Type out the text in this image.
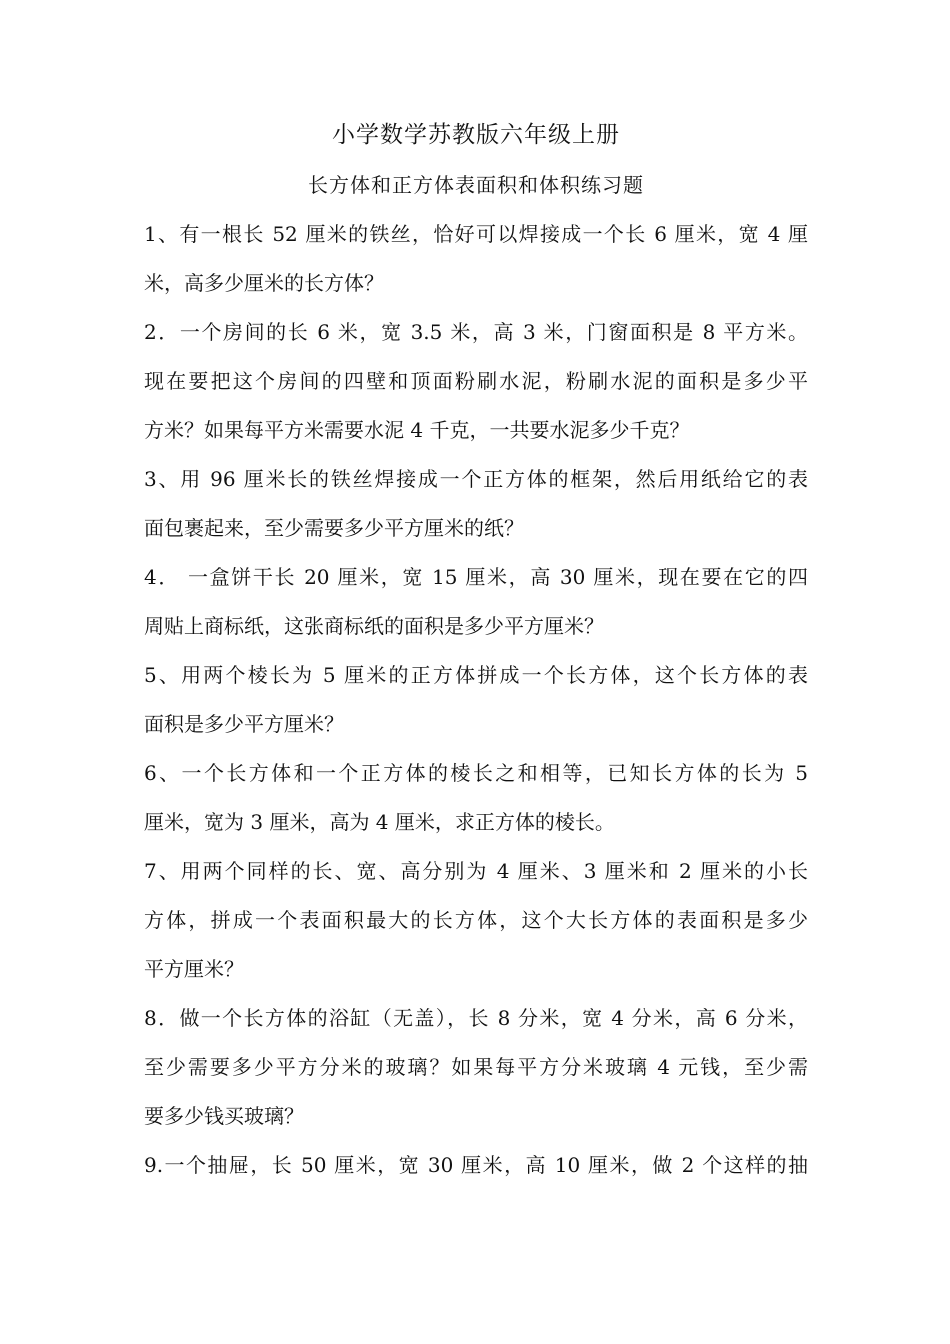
小学数学苏教版六年级上册
长方体和正方体表面积和体积练习题
1、有一根长 52 厘米的铁丝，恰好可以焊接成一个长 6 厘米，宽 4 厘
米，高多少厘米的长方体？
2．一个房间的长 6 米，宽 3.5 米，高 3 米，门窗面积是 8 平方米。
现在要把这个房间的四壁和顶面粉刷水泥，粉刷水泥的面积是多少平
方米？如果每平方米需要水泥 4 千克，一共要水泥多少千克？
3、用 96 厘米长的铁丝焊接成一个正方体的框架，然后用纸给它的表
面包裹起来，至少需要多少平方厘米的纸？
4． 一盒饼干长 20 厘米，宽 15 厘米，高 30 厘米，现在要在它的四
周贴上商标纸，这张商标纸的面积是多少平方厘米？
5、用两个棱长为 5 厘米的正方体拼成一个长方体，这个长方体的表
面积是多少平方厘米？
6、一个长方体和一个正方体的棱长之和相等，已知长方体的长为 5
厘米，宽为 3 厘米，高为 4 厘米，求正方体的棱长。
7、用两个同样的长、宽、高分别为 4 厘米、3 厘米和 2 厘米的小长
方体，拼成一个表面积最大的长方体，这个大长方体的表面积是多少
平方厘米？
8．做一个长方体的浴缸（无盖），长 8 分米，宽 4 分米，高 6 分米，
至少需要多少平方分米的玻璃？如果每平方分米玻璃 4 元钱，至少需
要多少钱买玻璃？
9.一个抽屉，长 50 厘米，宽 30 厘米，高 10 厘米，做 2 个这样的抽
